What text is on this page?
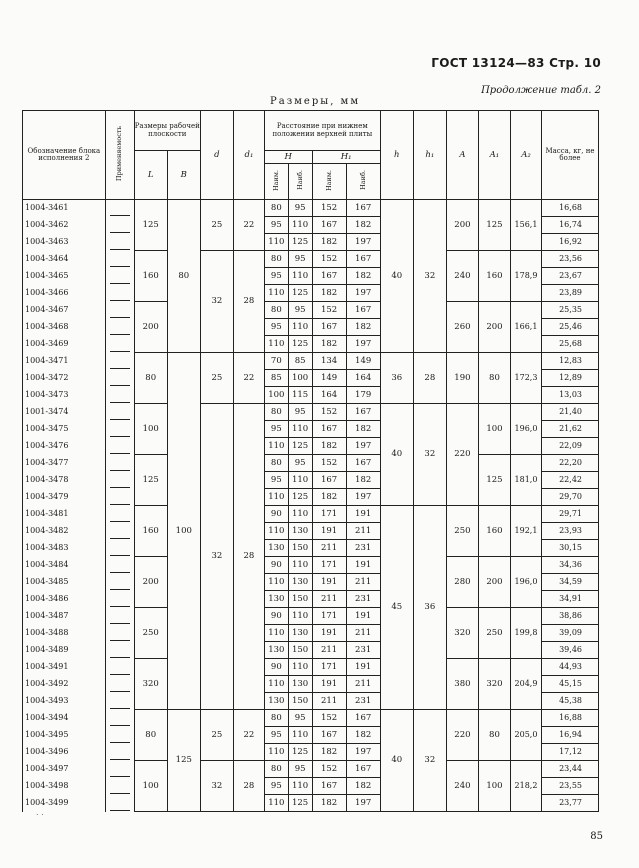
ГОСТ 13124—83 Стр. 10
Продолжение табл. 2
Размеры, мм
Обозначение блока исполнения 2	Применяемость	Размеры рабочей плоскости		d	d₁	Расстояние при нижнем положении верхней плиты				h	h₁	A	A₁	A₂	Масса, кг, не более
		L	B			H		H₁							
						Наим.	Наиб.	Наим.	Наиб.						
1004-3461		125	80	25	22	80	95	152	167	40	32	200	125	156,1	16,68
1004-3462						95	110	167	182						16,74
1004-3463						110	125	182	197						16,92
1004-3464		160		32	28	80	95	152	167			240	160	178,9	23,56
1004-3465						95	110	167	182						23,67
1004-3466						110	125	182	197						23,89
1004-3467		200				80	95	152	167			260	200	166,1	25,35
1004-3468						95	110	167	182						25,46
1004-3469						110	125	182	197						25,68
1004-3471		80	100	25	22	70	85	134	149	36	28	190	80	172,3	12,83
1004-3472						85	100	149	164						12,89
1004-3473						100	115	164	179						13,03
1001-3474		100		32	28	80	95	152	167	40	32	220	100	196,0	21,40
1004-3475						95	110	167	182						21,62
1004-3476						110	125	182	197						22,09
1004-3477		125				80	95	152	167				125	181,0	22,20
1004-3478						95	110	167	182						22,42
1004-3479						110	125	182	197						29,70
1004-3481		160				90	110	171	191	45	36	250	160	192,1	29,71
1004-3482						110	130	191	211						23,93
1004-3483						130	150	211	231						30,15
1004-3484		200				90	110	171	191			280	200	196,0	34,36
1004-3485						110	130	191	211						34,59
1004-3486						130	150	211	231						34,91
1004-3487		250				90	110	171	191			320	250	199,8	38,86
1004-3488						110	130	191	211						39,09
1004-3489						130	150	211	231						39,46
1004-3491		320				90	110	171	191			380	320	204,9	44,93
1004-3492						110	130	191	211						45,15
1004-3493						130	150	211	231						45,38
1004-3494		80	125	25	22	80	95	152	167	40	32	220	80	205,0	16,88
1004-3495						95	110	167	182						16,94
1004-3496						110	125	182	197						17,12
1004-3497		100		32	28	80	95	152	167			240	100	218,2	23,44
1004-3498						95	110	167	182						23,55
1004-3499						110	125	182	197						23,77
. .
85
